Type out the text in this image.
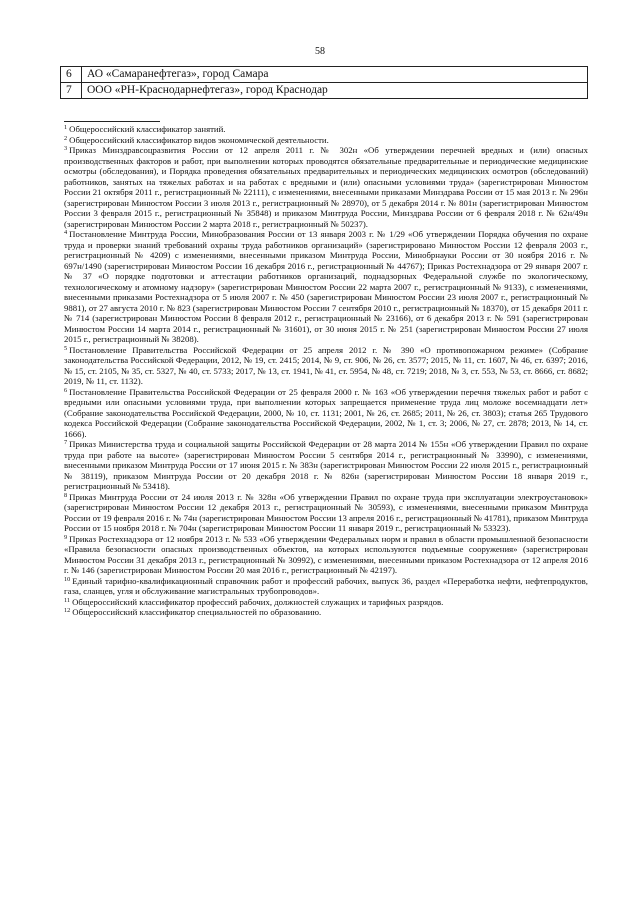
58
6	АО «Самаранефтегаз», город Самара
7	ООО «РН-Краснодарнефтегаз», город Краснодар

$^1$ Общероссийский классификатор занятий.

$^2$ Общероссийский классификатор видов экономической деятельности.

$^3$ Приказ Минздравсоцразвития России от 12 апреля 2011 г. № 302н «Об утверждении перечней вредных и (или) опасных производственных факторов и работ, при выполнении которых проводятся обязательные предварительные и периодические медицинские осмотры (обследования), и Порядка проведения обязательных предварительных и периодических медицинских осмотров (обследований) работников, занятых на тяжелых работах и на работах с вредными и (или) опасными условиями труда» (зарегистрирован Минюстом России 21 октября 2011 г., регистрационный № 22111), с изменениями, внесенными приказами Минздрава России от 15 мая 2013 г. № 296н (зарегистрирован Минюстом России 3 июля 2013 г., регистрационный № 28970), от 5 декабря 2014 г. № 801н (зарегистрирован Минюстом России 3 февраля 2015 г., регистрационный № 35848) и приказом Минтруда России, Минздрава России от 6 февраля 2018 г. № 62н/49н (зарегистрирован Минюстом России 2 марта 2018 г., регистрационный № 50237).

$^4$ Постановление Минтруда России, Минобразования России от 13 января 2003 г. № 1/29 «Об утверждении Порядка обучения по охране труда и проверки знаний требований охраны труда работников организаций» (зарегистрировано Минюстом России 12 февраля 2003 г., регистрационный № 4209) с изменениями, внесенными приказом Минтруда России, Минобрнауки России от 30 ноября 2016 г. № 697н/1490 (зарегистрирован Минюстом России 16 декабря 2016 г., регистрационный № 44767); Приказ Ростехнадзора от 29 января 2007 г. № 37 «О порядке подготовки и аттестации работников организаций, поднадзорных Федеральной службе по экологическому, технологическому и атомному надзору» (зарегистрирован Минюстом России 22 марта 2007 г., регистрационный № 9133), с изменениями, внесенными приказами Ростехнадзора от 5 июля 2007 г. № 450 (зарегистрирован Минюстом России 23 июля 2007 г., регистрационный № 9881), от 27 августа 2010 г. № 823 (зарегистрирован Минюстом России 7 сентября 2010 г., регистрационный № 18370), от 15 декабря 2011 г. № 714 (зарегистрирован Минюстом России 8 февраля 2012 г., регистрационный № 23166), от 6 декабря 2013 г. № 591 (зарегистрирован Минюстом России 14 марта 2014 г., регистрационный № 31601), от 30 июня 2015 г. № 251 (зарегистрирован Минюстом России 27 июля 2015 г., регистрационный № 38208).

$^5$ Постановление Правительства Российской Федерации от 25 апреля 2012 г. № 390 «О противопожарном режиме» (Собрание законодательства Российской Федерации, 2012, № 19, ст. 2415; 2014, № 9, ст. 906, № 26, ст. 3577; 2015, № 11, ст. 1607, № 46, ст. 6397; 2016, № 15, ст. 2105, № 35, ст. 5327, № 40, ст. 5733; 2017, № 13, ст. 1941, № 41, ст. 5954, № 48, ст. 7219; 2018, № 3, ст. 553, № 53, ст. 8666, ст. 8682; 2019, № 11, ст. 1132).

$^6$ Постановление Правительства Российской Федерации от 25 февраля 2000 г. № 163 «Об утверждении перечня тяжелых работ и работ с вредными или опасными условиями труда, при выполнении которых запрещается применение труда лиц моложе восемнадцати лет» (Собрание законодательства Российской Федерации, 2000, № 10, ст. 1131; 2001, № 26, ст. 2685; 2011, № 26, ст. 3803); статья 265 Трудового кодекса Российской Федерации (Собрание законодательства Российской Федерации, 2002, № 1, ст. 3; 2006, № 27, ст. 2878; 2013, № 14, ст. 1666).

$^7$ Приказ Министерства труда и социальной защиты Российской Федерации от 28 марта 2014 № 155н «Об утверждении Правил по охране труда при работе на высоте» (зарегистрирован Минюстом России 5 сентября 2014 г., регистрационный № 33990), с изменениями, внесенными приказом Минтруда России от 17 июня 2015 г. № 383н (зарегистрирован Минюстом России 22 июля 2015 г., регистрационный № 38119), приказом Минтруда России от 20 декабря 2018 г. № 826н (зарегистрирован Минюстом России 18 января 2019 г., регистрационный № 53418).

$^8$ Приказ Минтруда России от 24 июля 2013 г. № 328н «Об утверждении Правил по охране труда при эксплуатации электроустановок» (зарегистрирован Минюстом России 12 декабря 2013 г., регистрационный № 30593), с изменениями, внесенными приказом Минтруда России от 19 февраля 2016 г. № 74н (зарегистрирован Минюстом России 13 апреля 2016 г., регистрационный № 41781), приказом Минтруда России от 15 ноября 2018 г. № 704н (зарегистрирован Минюстом России 11 января 2019 г., регистрационный № 53323).

$^9$ Приказ Ростехнадзора от 12 ноября 2013 г. № 533 «Об утверждении Федеральных норм и правил в области промышленной безопасности «Правила безопасности опасных производственных объектов, на которых используются подъемные сооружения» (зарегистрирован Минюстом России 31 декабря 2013 г., регистрационный № 30992), с изменениями, внесенными приказом Ростехнадзора от 12 апреля 2016 г. № 146 (зарегистрирован Минюстом России 20 мая 2016 г., регистрационный № 42197).

$^{10}$ Единый тарифно-квалификационный справочник работ и профессий рабочих, выпуск 36, раздел «Переработка нефти, нефтепродуктов, газа, сланцев, угля и обслуживание магистральных трубопроводов».

$^{11}$ Общероссийский классификатор профессий рабочих, должностей служащих и тарифных разрядов.

$^{12}$ Общероссийский классификатор специальностей по образованию.
